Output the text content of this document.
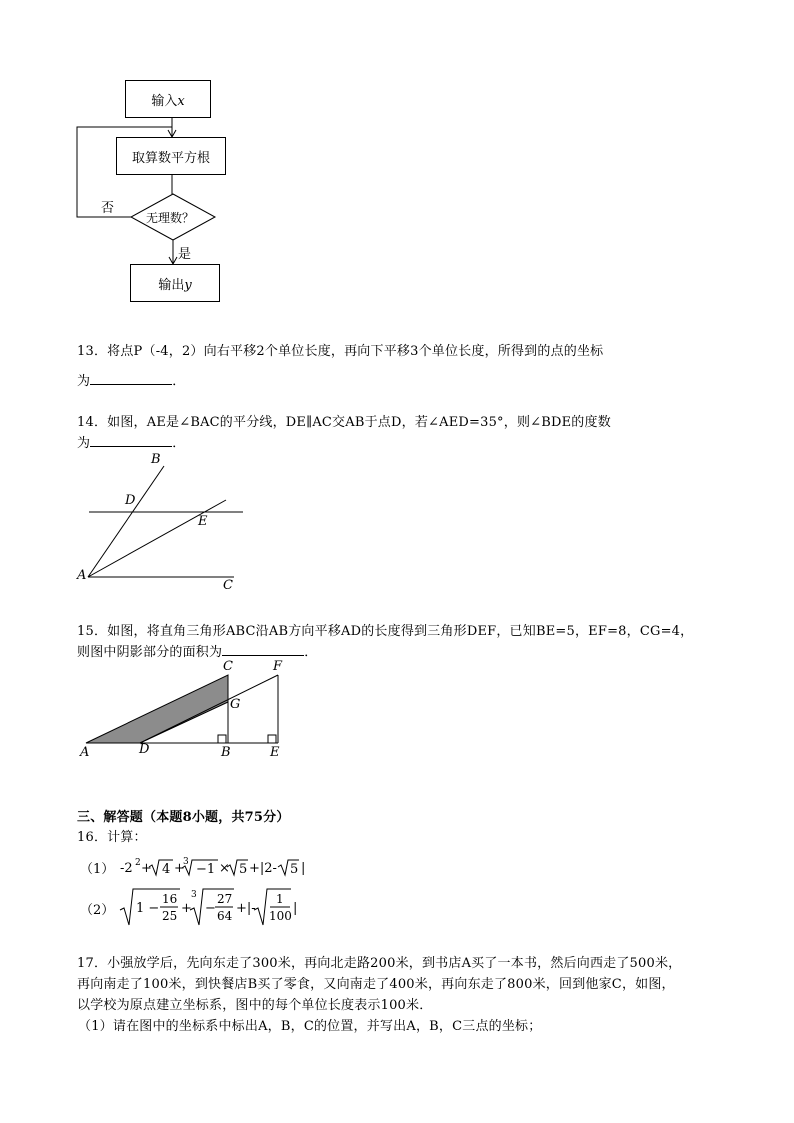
输入x
取算数平方根
无理数？
否
是
输出y
13．将点P（-4，2）向右平移2个单位长度，再向下平移3个单位长度，所得到的点的坐标
为	．
14．如图，AE是∠BAC的平分线，DE∥AC交AB于点D，若∠AED=35°，则∠BDE的度数
为	．
B
D
E
A
C
15．如图，将直角三角形ABC沿AB方向平移AD的长度得到三角形DEF，已知BE=5，EF=8，CG=4，
则图中阴影部分的面积为	．
C	F
G
A	D	B	E
三、解答题（本题8小题，共75分）
16．计算：
（1） -2 2 + 4 +
3 −1 × 5 +|2- 5 |
（2） 1 −
16
25 +
3
−
27
64 +|-
1
100 |
17．小强放学后，先向东走了300米，再向北走路200米，到书店A买了一本书，然后向西走了500米，
再向南走了100米，到快餐店B买了零食，又向南走了400米，再向东走了800米，回到他家C，如图，
以学校为原点建立坐标系，图中的每个单位长度表示100米．
（1）请在图中的坐标系中标出A，B，C的位置，并写出A，B，C三点的坐标；
